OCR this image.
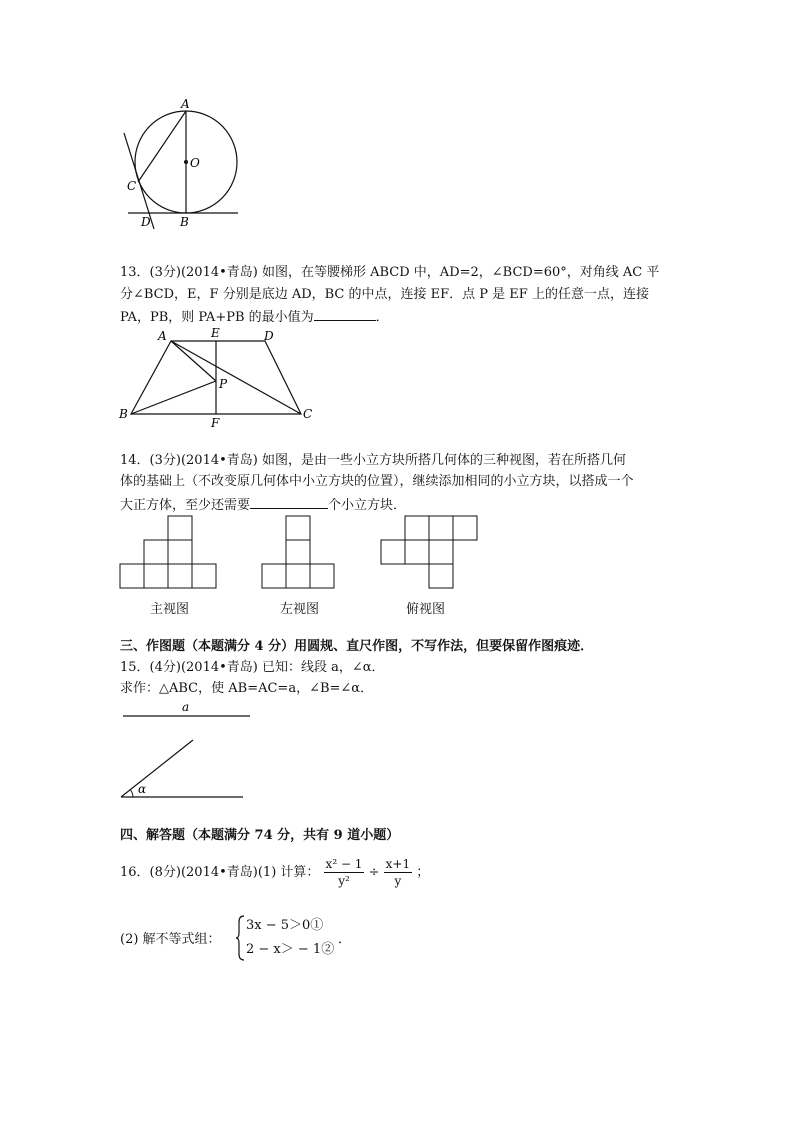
A
O
C
D B
13．(3分)(2014•青岛) 如图，在等腰梯形 ABCD 中，AD=2，∠BCD=60°，对角线 AC 平
分∠BCD，E，F 分别是底边 AD，BC 的中点，连接 EF．点 P 是 EF 上的任意一点，连接
PA，PB，则 PA+PB 的最小值为	．
A	E	D
P
B
F
C
14．(3分)(2014•青岛) 如图，是由一些小立方块所搭几何体的三种视图，若在所搭几何
体的基础上（不改变原几何体中小立方块的位置），继续添加相同的小立方块，以搭成一个
大正方体，至少还需要	个小立方块．
主视图	左视图	俯视图
三、作图题（本题满分 4 分）用圆规、直尺作图，不写作法，但要保留作图痕迹．
15．(4分)(2014•青岛) 已知：线段 a，∠α．
求作：△ABC，使 AB=AC=a，∠B=∠α．
a
α
四、解答题（本题满分 74 分，共有 9 道小题）
16．(8分)(2014•青岛)(1) 计算： $\frac{\text{x² − 1}}{\text{y²}} \div \frac{x+1}{y}$ ；
(2) 解不等式组：
3x − 5＞0①
2 − x＞ − 1②
．
